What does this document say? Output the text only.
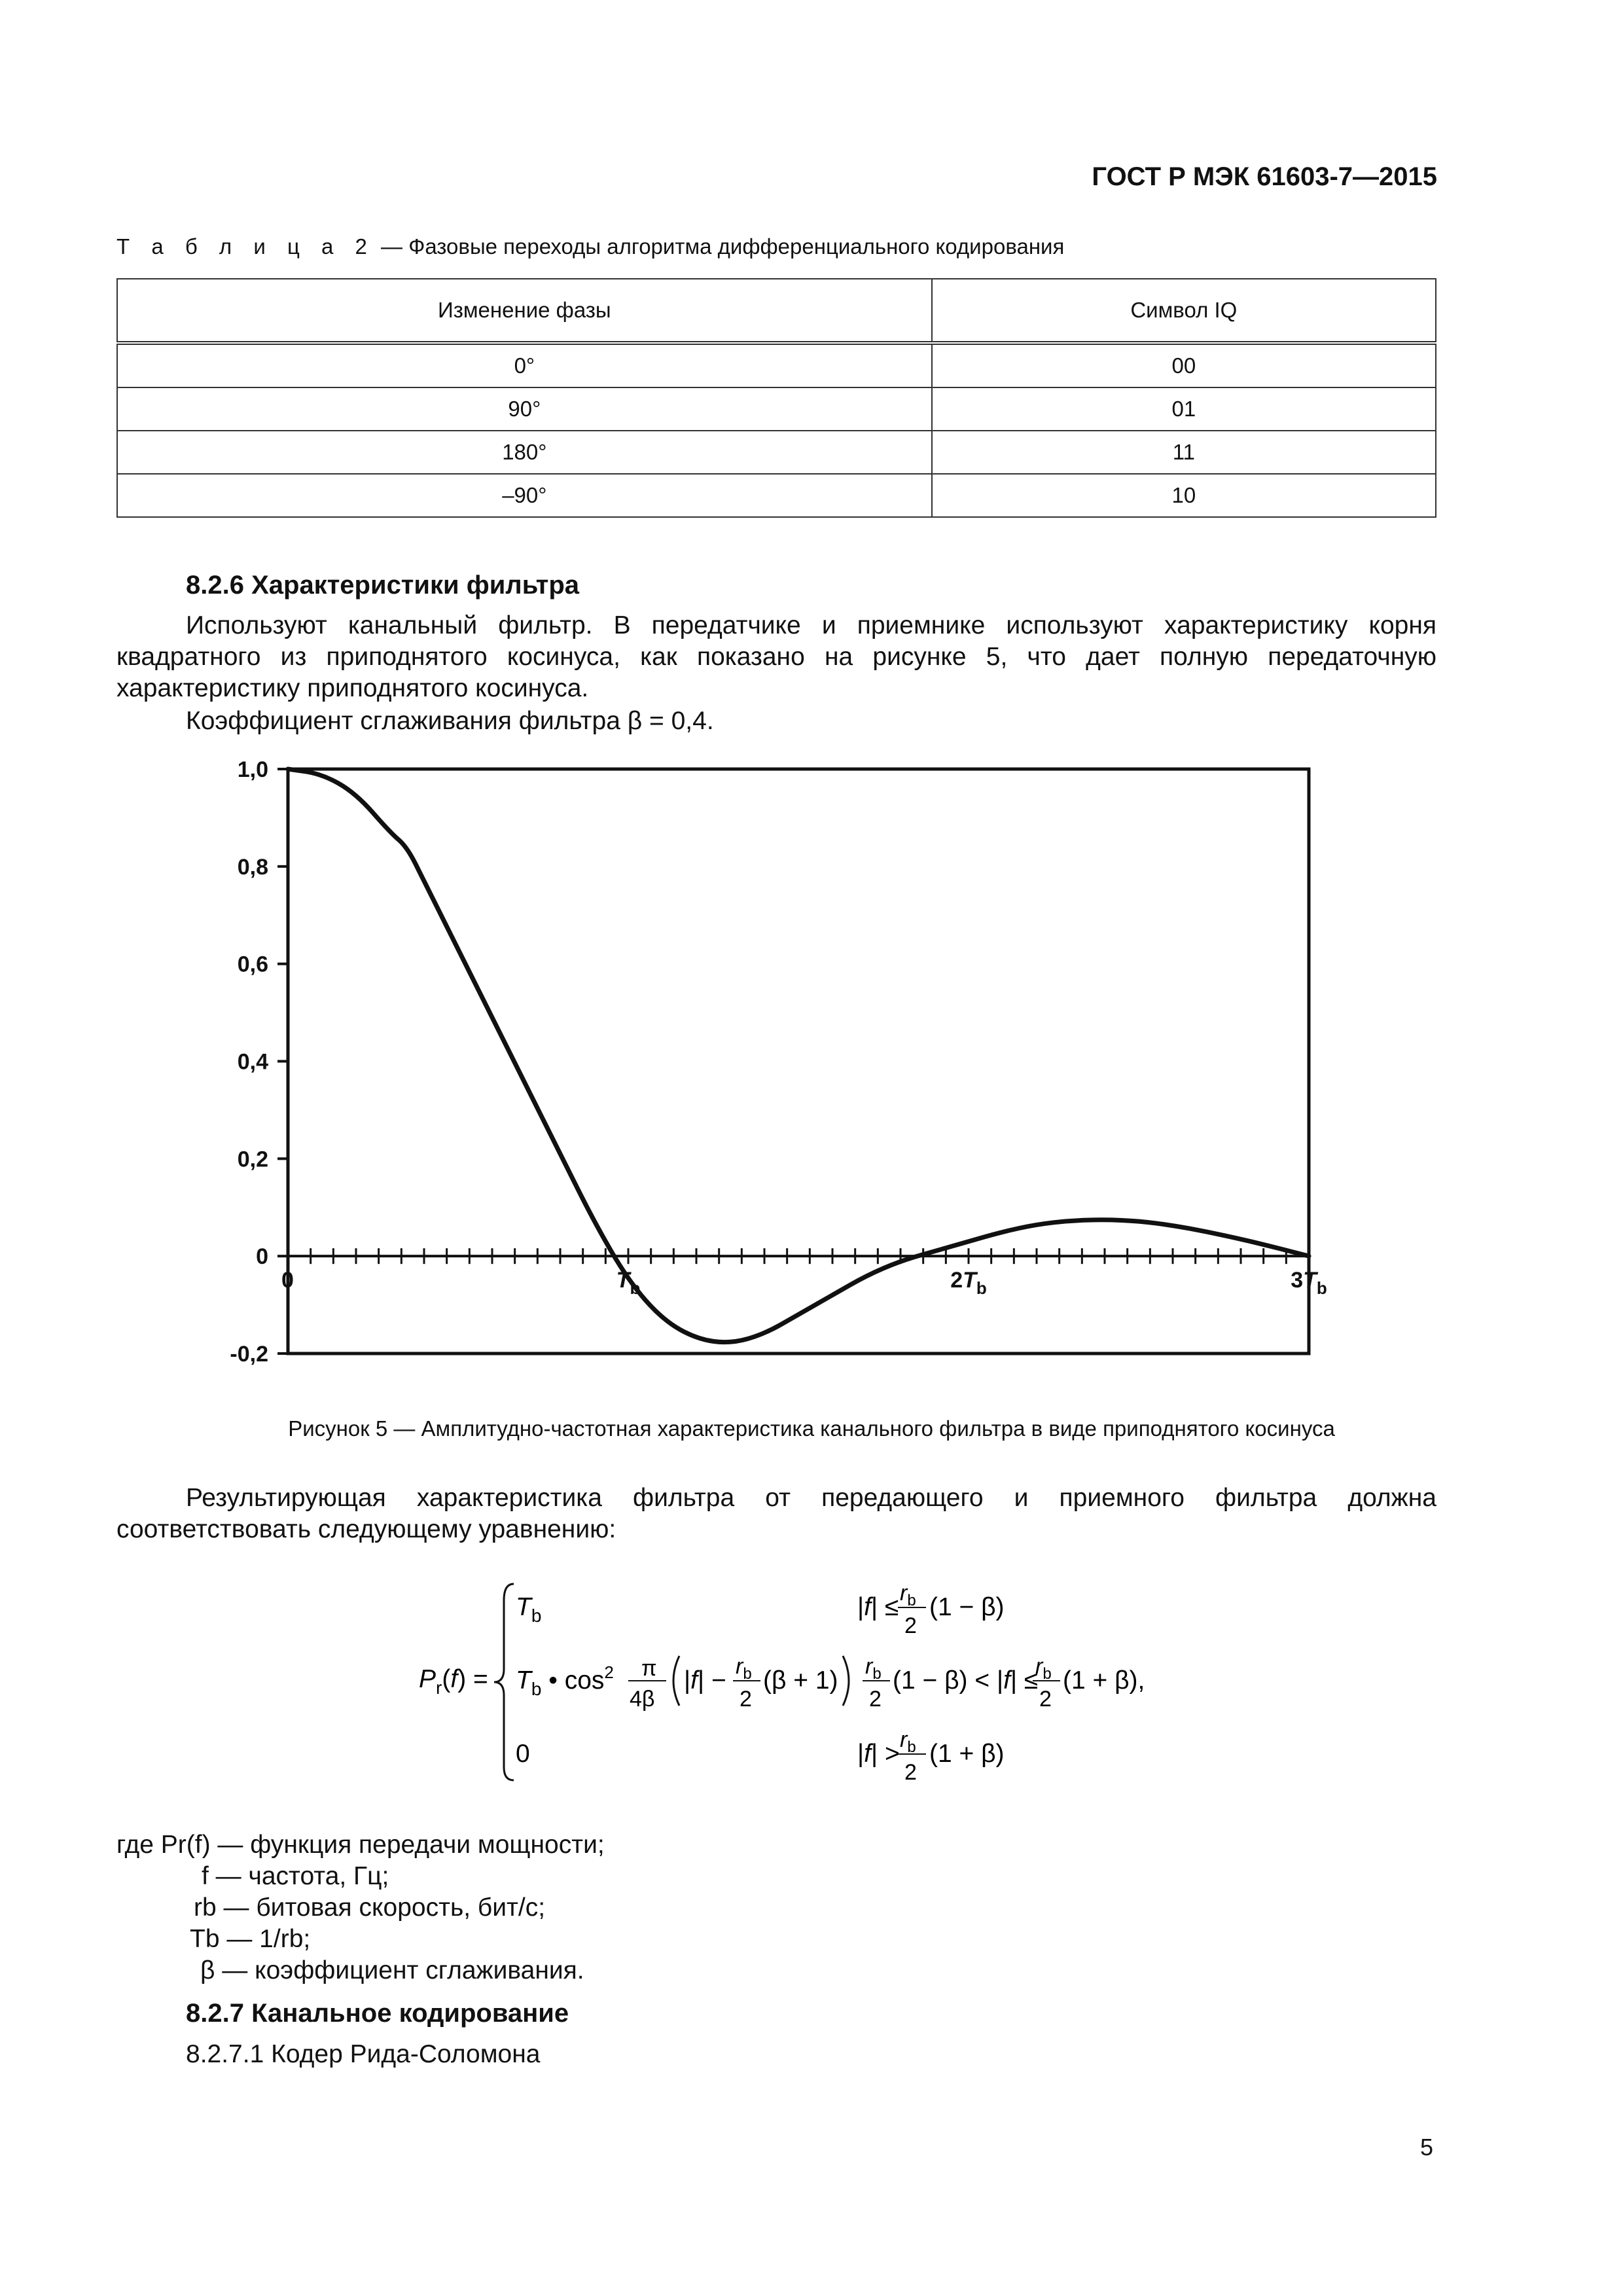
ГОСТ Р МЭК 61603-7—2015
Т а б л и ц а 2 — Фазовые переходы алгоритма дифференциального кодирования
Изменение фазы	Символ IQ
0°	00
90°	01
180°	11
–90°	10
8.2.6 Характеристики фильтра
Используют канальный фильтр. В передатчике и приемнике используют характеристику корня квадратного из приподнятого косинуса, как показано на рисунке 5, что дает полную передаточную характеристику приподнятого косинуса.
Коэффициент сглаживания фильтра β = 0,4.
1,0
0,8
0,6
0,4
0,2
0
-0,2
0	$T_b$	$2T_b$	$3T_b$
Рисунок 5 — Амплитудно-частотная характеристика канального фильтра в виде приподнятого косинуса
Результирующая характеристика фильтра от передающего и приемного фильтра должна соответствовать следующему уравнению:
$P_r(f)$ =
$T_b$	$|f| \le r_b$
2
(1 − β)
$T_b$ • $\cos^2 \pi$
4β
$|f| - r_b$
2
(β + 1) $r_b$
2
(1 − β) < |f| ≤
$r_b$
2
(1 + β),
0	$|f| > r_b$
2
(1 + β)
где Pr(f) — функция передачи мощности;
f — частота, Гц;
rb — битовая скорость, бит/с;
Tb — 1/rb;
β — коэффициент сглаживания.
8.2.7 Канальное кодирование
8.2.7.1 Кодер Рида-Соломона
5
